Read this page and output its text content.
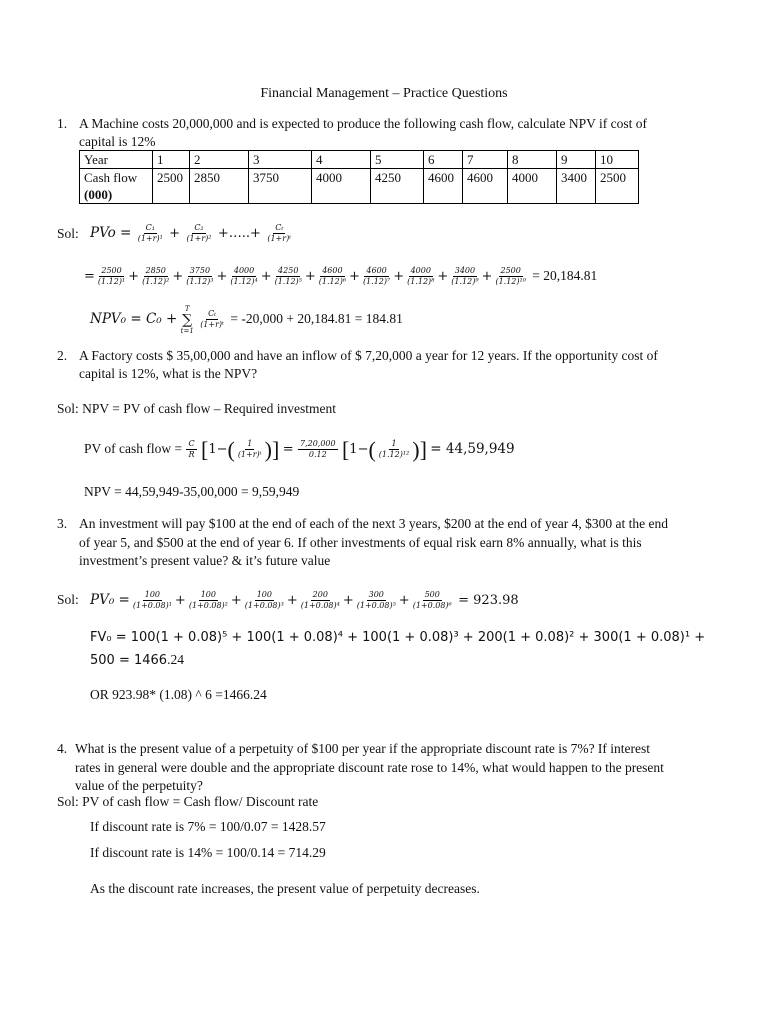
Financial Management – Practice Questions
1. A Machine costs 20,000,000 and is expected to produce the following cash flow, calculate NPV if cost of
capital is 12%
Year	1	2	3	4	5	6	7	8	9	10

Cash flow
(000)	2500	2850	3750	4000	4250	4600	4600	4000	3400	2500
Sol: PVo = $\frac{\text{C₁}}{\text{(1+r)¹}} + \frac{\text{C₂}}{\text{(1+r)²}}$ +…..+ $\frac{\text{Cₜ}}{\text{(1+r)ᵗ}}$
= $\frac{2500}{\text{(1.12)¹}} + \frac{2850}{\text{(1.12)²}} + \frac{3750}{\text{(1.12)³}} + \frac{4000}{\text{(1.12)⁴}} + \frac{4250}{\text{(1.12)⁵}} + \frac{4600}{\text{(1.12)⁶}} + \frac{4600}{\text{(1.12)⁷}} + \frac{4000}{\text{(1.12)⁸}} + \frac{3400}{\text{(1.12)⁹}} + \frac{2500}{\text{(1.12)¹⁰}} = 20,184.81$
NPV₀ = C₀ +
T
∑
t=1

$\frac{\text{Cₜ}}{\text{(1+r)ᵗ}} = -20,000 + 20,184.81 = 184.81$
2. A Factory costs $ 35,00,000 and have an inflow of $ 7,20,000 a year for 12 years. If the opportunity cost of
capital is 12%, what is the NPV?
Sol: NPV = PV of cash flow – Required investment
PV of cash flow = $\frac{C}{R} [1-( \frac{1}{\text{(1+r)ᵗ}}$ )] = $\frac{7,20,000}{0.12} [1-( \frac{1}{\text{(1.12)¹²}}$ )] = 44,59,949
NPV = 44,59,949-35,00,000 = 9,59,949
3. An investment will pay $100 at the end of each of the next 3 years, $200 at the end of year 4, $300 at the end
of year 5, and $500 at the end of year 6. If other investments of equal risk earn 8% annually, what is this
investment’s present value? & it’s future value
Sol: $PV_0 = \frac{100}{\text{(1+0.08)¹}} + \frac{100}{\text{(1+0.08)²}} + \frac{100}{\text{(1+0.08)³}} + \frac{200}{\text{(1+0.08)⁴}} + \frac{300}{\text{(1+0.08)⁵}} + \frac{500}{\text{(1+0.08)⁶}} = 923.98$
FV₀ = 100(1 + 0.08)⁵ + 100(1 + 0.08)⁴ + 100(1 + 0.08)³ + 200(1 + 0.08)² + 300(1 + 0.08)¹ +
500 = 1466.24
OR 923.98* (1.08) ^ 6 =1466.24
4. What is the present value of a perpetuity of $100 per year if the appropriate discount rate is 7%? If interest
rates in general were double and the appropriate discount rate rose to 14%, what would happen to the present
value of the perpetuity?
Sol: PV of cash flow = Cash flow/ Discount rate
If discount rate is 7% = 100/0.07 = 1428.57
If discount rate is 14% = 100/0.14 = 714.29
As the discount rate increases, the present value of perpetuity decreases.
